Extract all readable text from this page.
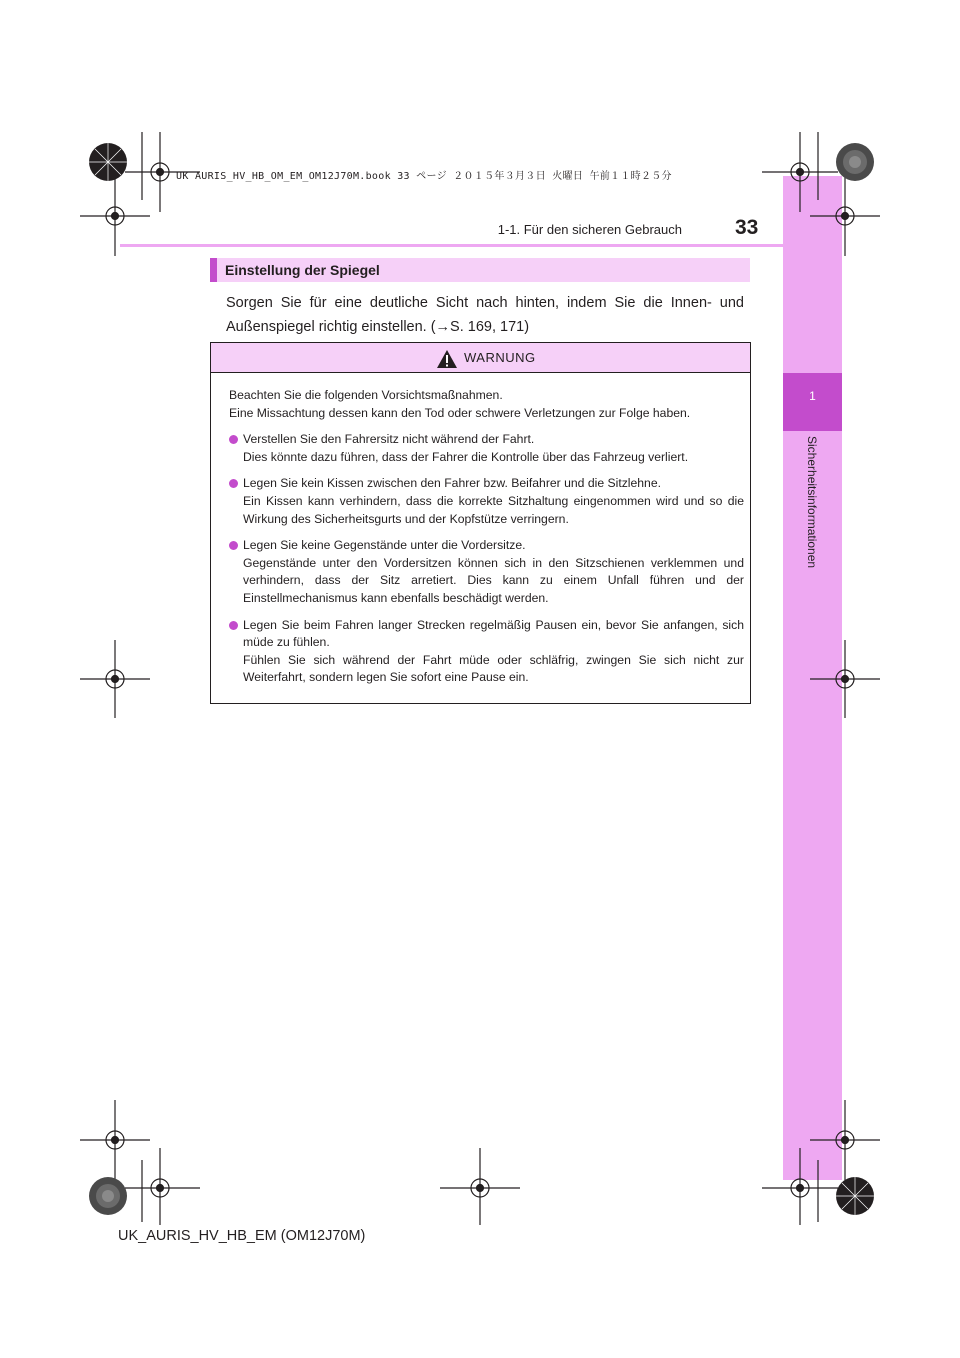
1
Sicherheitsinformationen
1-1. Für den sicheren Gebrauch	33
UK AURIS_HV_HB_OM_EM_OM12J70M.book 33 ページ ２０１５年３月３日 火曜日 午前１１時２５分
Einstellung der Spiegel
Sorgen Sie für eine deutliche Sicht nach hinten, indem Sie die Innen- und Außenspiegel richtig einstellen. (→S. 169, 171)
WARNUNG

Beachten Sie die folgenden Vorsichtsmaßnahmen.
Eine Missachtung dessen kann den Tod oder schwere Verletzungen zur Folge haben.

Verstellen Sie den Fahrersitz nicht während der Fahrt.
Dies könnte dazu führen, dass der Fahrer die Kontrolle über das Fahrzeug verliert.
Legen Sie kein Kissen zwischen den Fahrer bzw. Beifahrer und die Sitzlehne.
Ein Kissen kann verhindern, dass die korrekte Sitzhaltung eingenommen wird und so die Wirkung des Sicherheitsgurts und der Kopfstütze verringern.
Legen Sie keine Gegenstände unter die Vordersitze.
Gegenstände unter den Vordersitzen können sich in den Sitzschienen verklemmen und verhindern, dass der Sitz arretiert. Dies kann zu einem Unfall führen und der Einstellmechanismus kann ebenfalls beschädigt werden.
Legen Sie beim Fahren langer Strecken regelmäßig Pausen ein, bevor Sie anfangen, sich müde zu fühlen.
Fühlen Sie sich während der Fahrt müde oder schläfrig, zwingen Sie sich nicht zur Weiterfahrt, sondern legen Sie sofort eine Pause ein.
UK_AURIS_HV_HB_EM (OM12J70M)
